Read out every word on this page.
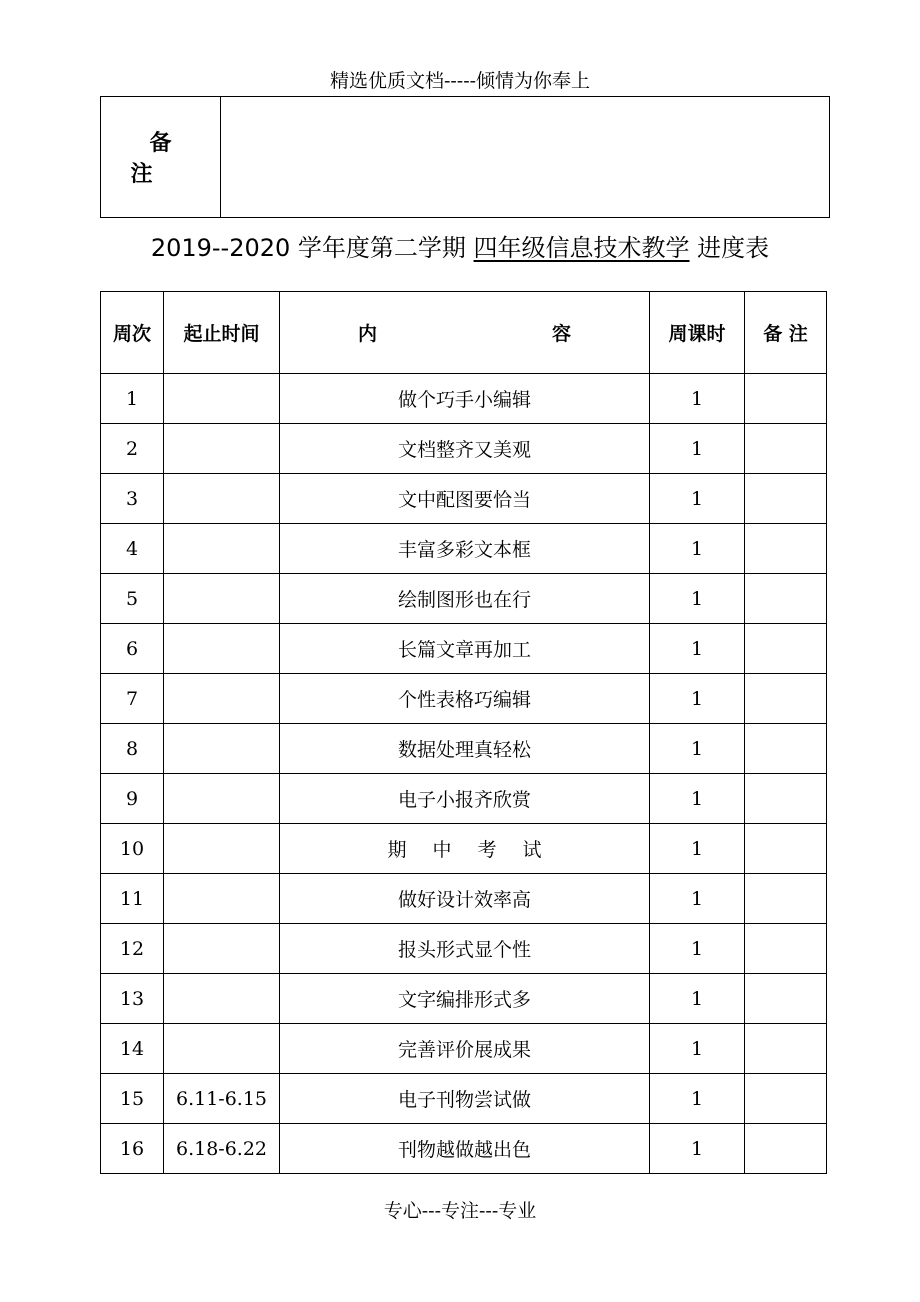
精选优质文档-----倾情为你奉上
备 注	
2019--2020 学年度第二学期 四年级信息技术教学 进度表
周次	起止时间	内 容	周课时	备 注
1		做个巧手小编辑	1	
2		文档整齐又美观	1	
3		文中配图要恰当	1	
4		丰富多彩文本框	1	
5		绘制图形也在行	1	
6		长篇文章再加工	1	
7		个性表格巧编辑	1	
8		数据处理真轻松	1	
9		电子小报齐欣赏	1	
10		期中考试	1	
11		做好设计效率高	1	
12		报头形式显个性	1	
13		文字编排形式多	1	
14		完善评价展成果	1	
15	6.11-6.15	电子刊物尝试做	1	
16	6.18-6.22	刊物越做越出色	1	
专心---专注---专业
